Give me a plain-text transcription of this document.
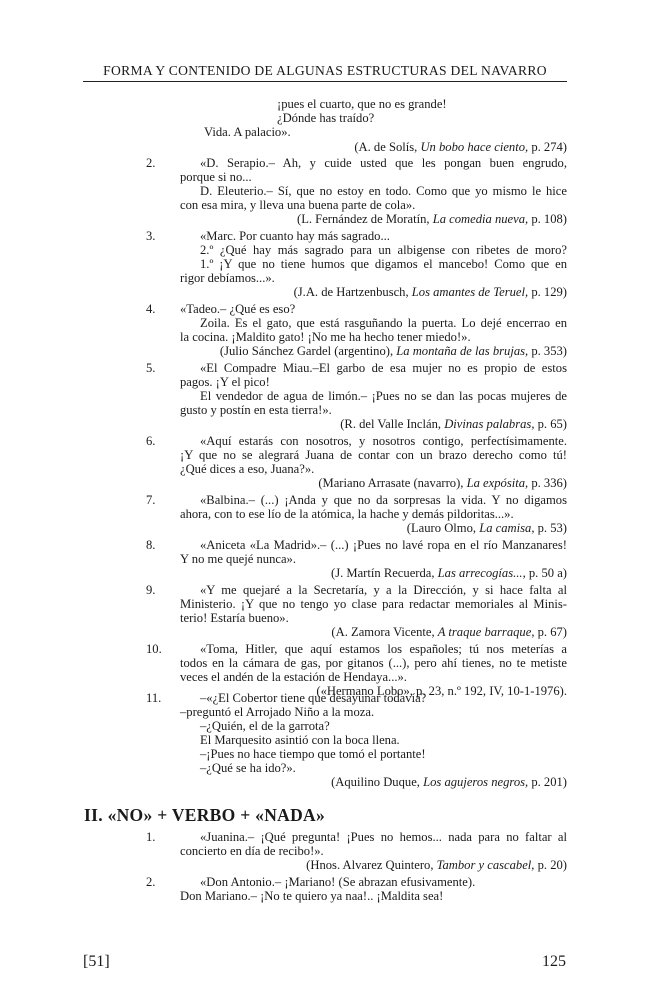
FORMA Y CONTENIDO DE ALGUNAS ESTRUCTURAS DEL NAVARRO
¡pues el cuarto, que no es grande!
¿Dónde has traído?
Vida. A palacio».
(A. de Solís, Un bobo hace ciento, p. 274)
2.	«D. Serapio.– Ah, y cuide usted que les pongan buen engrudo,
porque si no...
D. Eleuterio.– Sí, que no estoy en todo. Como que yo mismo le hice
con esa mira, y lleva una buena parte de cola».
(L. Fernández de Moratín, La comedia nueva, p. 108)
3.	«Marc. Por cuanto hay más sagrado...
2.º ¿Qué hay más sagrado para un albigense con ribetes de moro?
1.º ¡Y que no tiene humos que digamos el mancebo! Como que en
rigor debíamos...».
(J.A. de Hartzenbusch, Los amantes de Teruel, p. 129)
4. «Tadeo.– ¿Qué es eso?
Zoila. Es el gato, que está rasguñando la puerta. Lo dejé encerrao en
la cocina. ¡Maldito gato! ¡No me ha hecho tener miedo!».
(Julio Sánchez Gardel (argentino), La montaña de las brujas, p. 353)
5.	«El Compadre Miau.–El garbo de esa mujer no es propio de estos
pagos. ¡Y el pico!
El vendedor de agua de limón.– ¡Pues no se dan las pocas mujeres de
gusto y postín en esta tierra!».
(R. del Valle Inclán, Divinas palabras, p. 65)
6.	«Aquí estarás con nosotros, y nosotros contigo, perfectísimamente.
¡Y que no se alegrará Juana de contar con un brazo derecho como tú!
¿Qué dices a eso, Juana?».
(Mariano Arrasate (navarro), La expósita, p. 336)
7.	«Balbina.– (...) ¡Anda y que no da sorpresas la vida. Y no digamos
ahora, con to ese lío de la atómica, la hache y demás pildoritas...».
(Lauro Olmo, La camisa, p. 53)
8.	«Aniceta «La Madrid».– (...) ¡Pues no lavé ropa en el río Manzanares!
Y no me quejé nunca».
(J. Martín Recuerda, Las arrecogías..., p. 50 a)
9.	«Y me quejaré a la Secretaría, y a la Dirección, y si hace falta al
Ministerio. ¡Y que no tengo yo clase para redactar memoriales al Minis-
terio! Estaría bueno».
(A. Zamora Vicente, A traque barraque, p. 67)
10.	«Toma, Hitler, que aquí estamos los españoles; tú nos meterías a
todos en la cámara de gas, por gitanos (...), pero ahí tienes, no te metiste
veces el andén de la estación de Hendaya...».
(«Hermano Lobo», p. 23, n.º 192, IV, 10-1-1976).
11.	–«¿El Cobertor tiene que desayunar todavía?
–preguntó el Arrojado Niño a la moza.
–¿Quién, el de la garrota?
El Marquesito asintió con la boca llena.
–¡Pues no hace tiempo que tomó el portante!
–¿Qué se ha ido?».
(Aquilino Duque, Los agujeros negros, p. 201)
II. «NO» + VERBO + «NADA»
1.	«Juanina.– ¡Qué pregunta! ¡Pues no hemos... nada para no faltar al
concierto en día de recibo!».
(Hnos. Alvarez Quintero, Tambor y cascabel, p. 20)
2.	«Don Antonio.– ¡Mariano! (Se abrazan efusivamente).
Don Mariano.– ¡No te quiero ya naa!.. ¡Maldita sea!
[51]	125
